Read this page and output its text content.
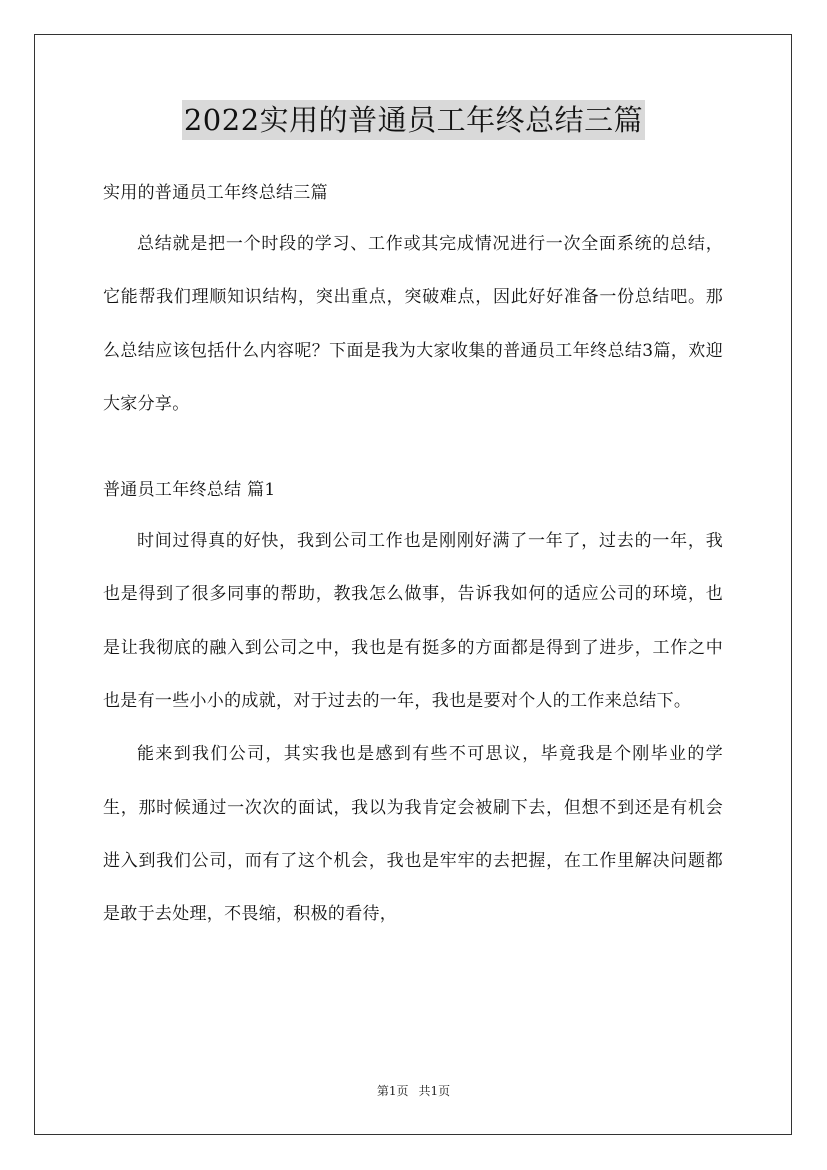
2022实用的普通员工年终总结三篇

实用的普通员工年终总结三篇

总结就是把一个时段的学习、工作或其完成情况进行一次全面系统的总结，它能帮我们理顺知识结构，突出重点，突破难点，因此好好准备一份总结吧。那么总结应该包括什么内容呢？下面是我为大家收集的普通员工年终总结3篇，欢迎大家分享。

普通员工年终总结 篇1

时间过得真的好快，我到公司工作也是刚刚好满了一年了，过去的一年，我也是得到了很多同事的帮助，教我怎么做事，告诉我如何的适应公司的环境，也是让我彻底的融入到公司之中，我也是有挺多的方面都是得到了进步，工作之中也是有一些小小的成就，对于过去的一年，我也是要对个人的工作来总结下。

能来到我们公司，其实我也是感到有些不可思议，毕竟我是个刚毕业的学生，那时候通过一次次的面试，我以为我肯定会被刷下去，但想不到还是有机会进入到我们公司，而有了这个机会，我也是牢牢的去把握，在工作里解决问题都是敢于去处理，不畏缩，积极的看待，

第1页 共1页
